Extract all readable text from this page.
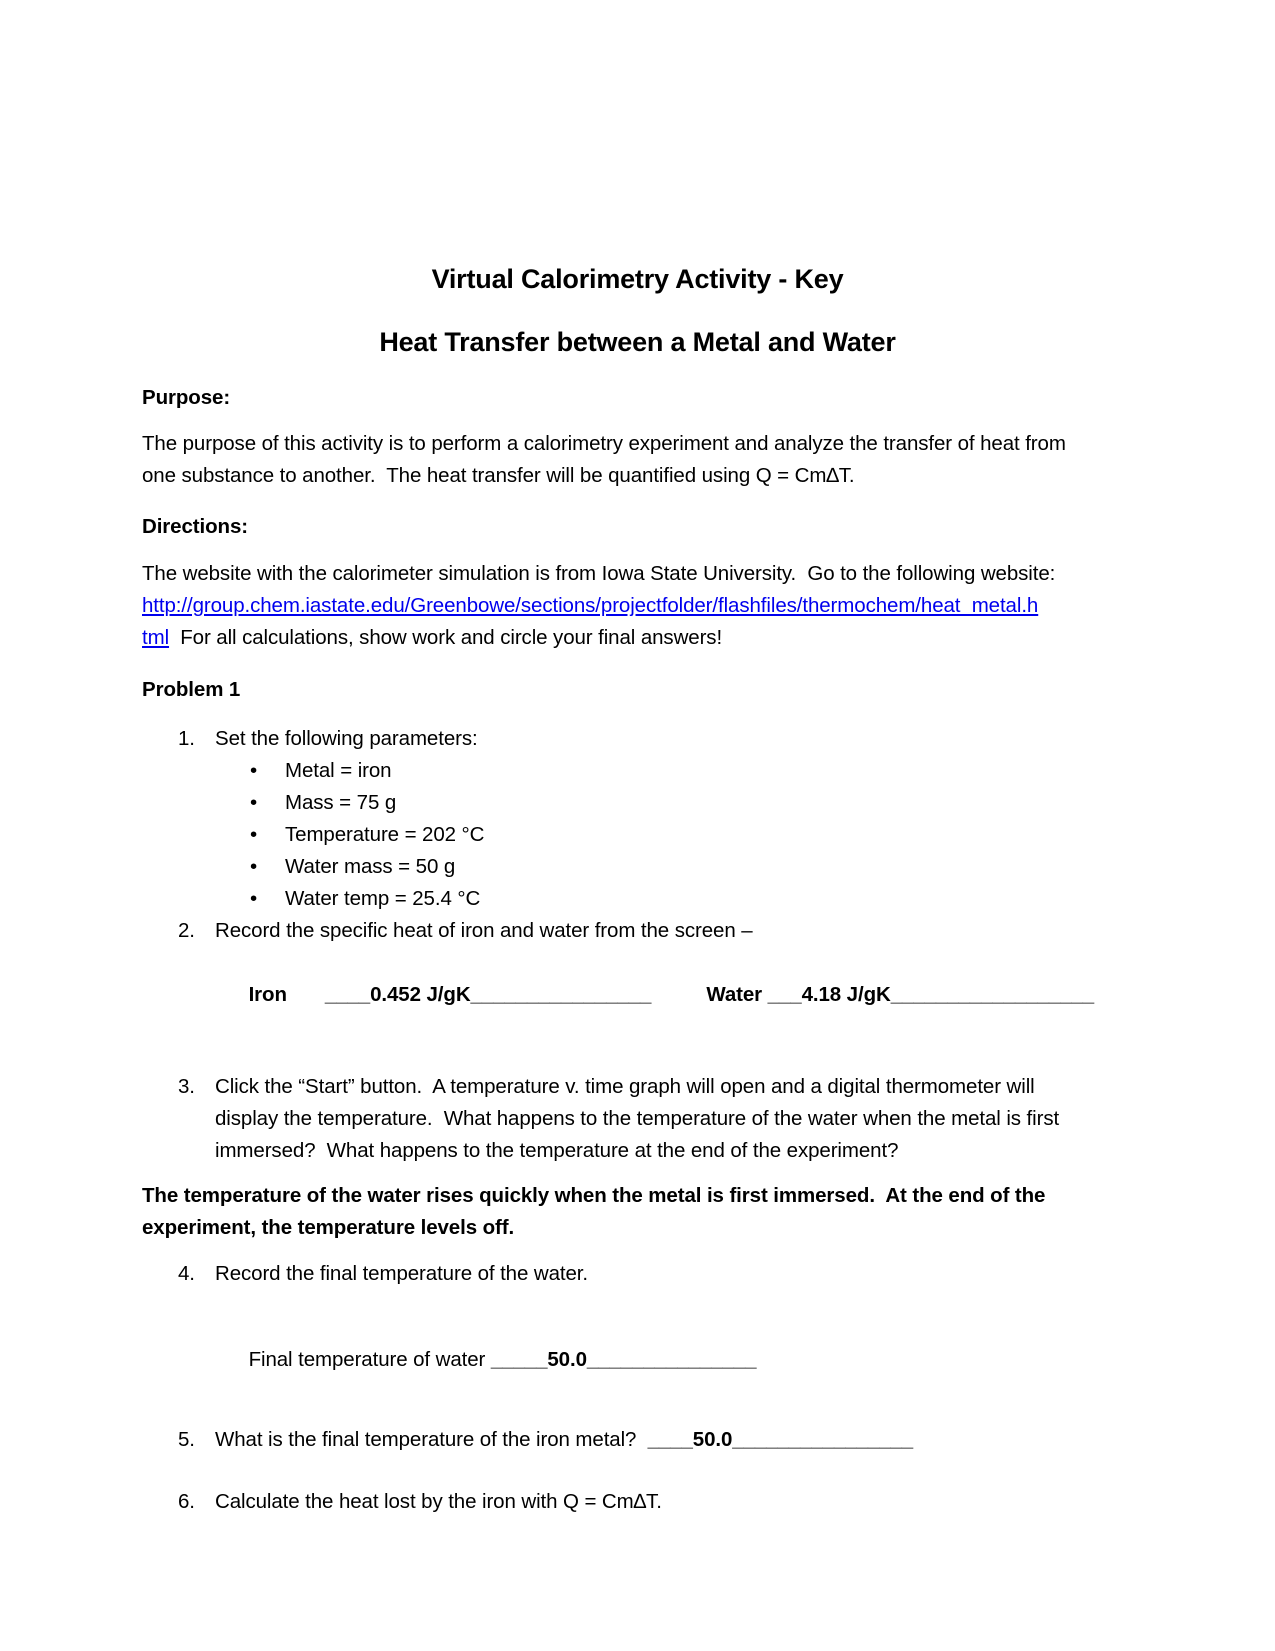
Virtual Calorimetry Activity - Key
Heat Transfer between a Metal and Water
Purpose:
The purpose of this activity is to perform a calorimetry experiment and analyze the transfer of heat from
one substance to another.  The heat transfer will be quantified using Q = Cm∆T.
Directions:
The website with the calorimeter simulation is from Iowa State University.  Go to the following website:
http://group.chem.iastate.edu/Greenbowe/sections/projectfolder/flashfiles/thermochem/heat_metal.h
tml  For all calculations, show work and circle your final answers!
Problem 1
1. Set the following parameters:
• Metal = iron
• Mass = 75 g
• Temperature = 202 °C
• Water mass = 50 g
• Water temp = 25.4 °C
2. Record the specific heat of iron and water from the screen –

Iron ____0.452 J/gK________________	Water ___4.18 J/gK__________________

3. Click the “Start” button.  A temperature v. time graph will open and a digital thermometer will
display the temperature.  What happens to the temperature of the water when the metal is first
immersed?  What happens to the temperature at the end of the experiment?
The temperature of the water rises quickly when the metal is first immersed.  At the end of the
experiment, the temperature levels off.
4. Record the final temperature of the water.

Final temperature of water _____50.0_______________

5. What is the final temperature of the iron metal?  ____50.0________________
6. Calculate the heat lost by the iron with Q = Cm∆T.
